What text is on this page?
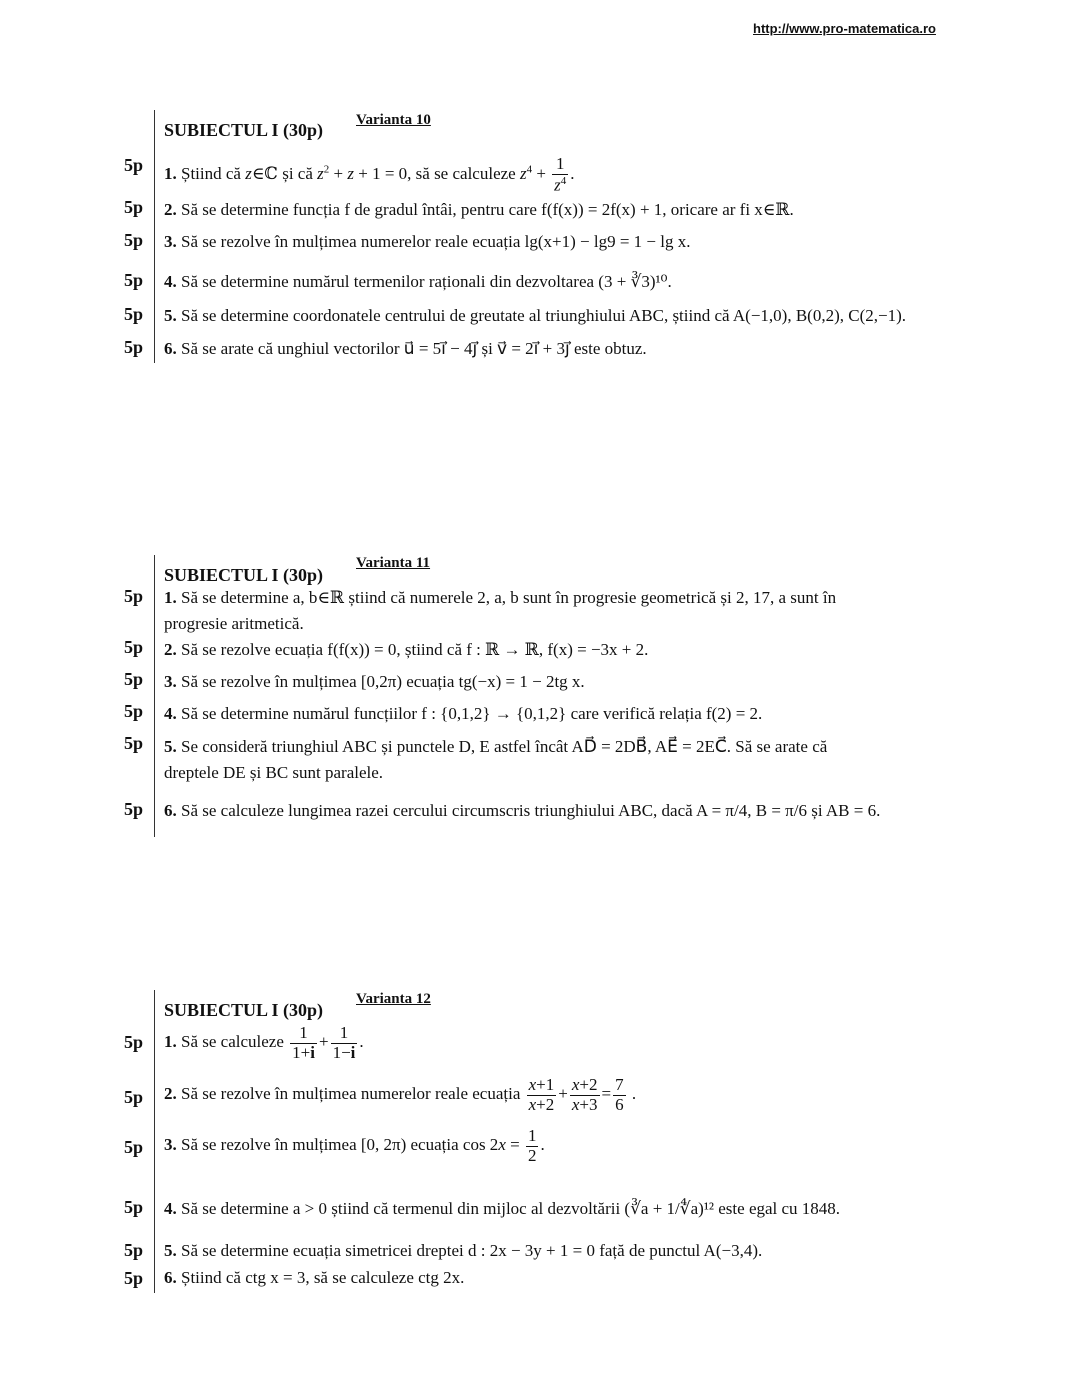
http://www.pro-matematica.ro
SUBIECTUL I (30p) Varianta 10
5p 1. Știind că z∈ℂ și că $z^2 + z + 1 = 0$, să se calculeze $z^4 + \frac{1}{z^4}$ .
5p 2. Să se determine funcția f de gradul întâi, pentru care f(f(x)) = 2f(x) + 1, oricare ar fi x∈ℝ.
5p 3. Să se rezolve în mulțimea numerelor reale ecuația lg(x+1) − lg9 = 1 − lg x.
5p 4. Să se determine numărul termenilor raționali din dezvoltarea (3 + ∛3)¹⁰.
5p 5. Să se determine coordonatele centrului de greutate al triunghiului ABC, știind că A(−1,0), B(0,2), C(2,−1).
5p 6. Să se arate că unghiul vectorilor u⃗ = 5i⃗ − 4j⃗ și v⃗ = 2i⃗ + 3j⃗ este obtuz.
SUBIECTUL I (30p)
Varianta 11
5p 1. Să se determine a, b∈ℝ știind că numerele 2, a, b sunt în progresie geometrică și 2, 17, a sunt în
progresie aritmetică.
5p 2. Să se rezolve ecuația f(f(x)) = 0, știind că f : ℝ → ℝ, f(x) = −3x + 2.
5p 3. Să se rezolve în mulțimea [0,2π) ecuația tg(−x) = 1 − 2tg x.
5p 4. Să se determine numărul funcțiilor f : {0,1,2} → {0,1,2} care verifică relația f(2) = 2.
5p 5. Se consideră triunghiul ABC și punctele D, E astfel încât AD⃗ = 2DB⃗, AE⃗ = 2EC⃗. Să se arate că
dreptele DE și BC sunt paralele.
5p 6. Să se calculeze lungimea razei cercului circumscris triunghiului ABC, dacă A = π/4, B = π/6 și AB = 6.
SUBIECTUL I (30p)
Varianta 12
5p 1. Să se calculeze $\frac{1}{1+i} + \frac{1}{1-i}$ .
5p 2. Să se rezolve în mulțimea numerelor reale ecuația $\frac{x+1}{x+2} + \frac{x+2}{x+3} = \frac{7}{6}$ .
5p 3. Să se rezolve în mulțimea [0, 2π) ecuația $\cos 2x = \frac{1}{2}$ .
5p 4. Să se determine a > 0 știind că termenul din mijloc al dezvoltării (∛a + 1/∜a)¹² este egal cu 1848.
5p 5. Să se determine ecuația simetricei dreptei d : 2x − 3y + 1 = 0 față de punctul A(−3,4).
5p 6. Știind că ctg x = 3, să se calculeze ctg 2x.
